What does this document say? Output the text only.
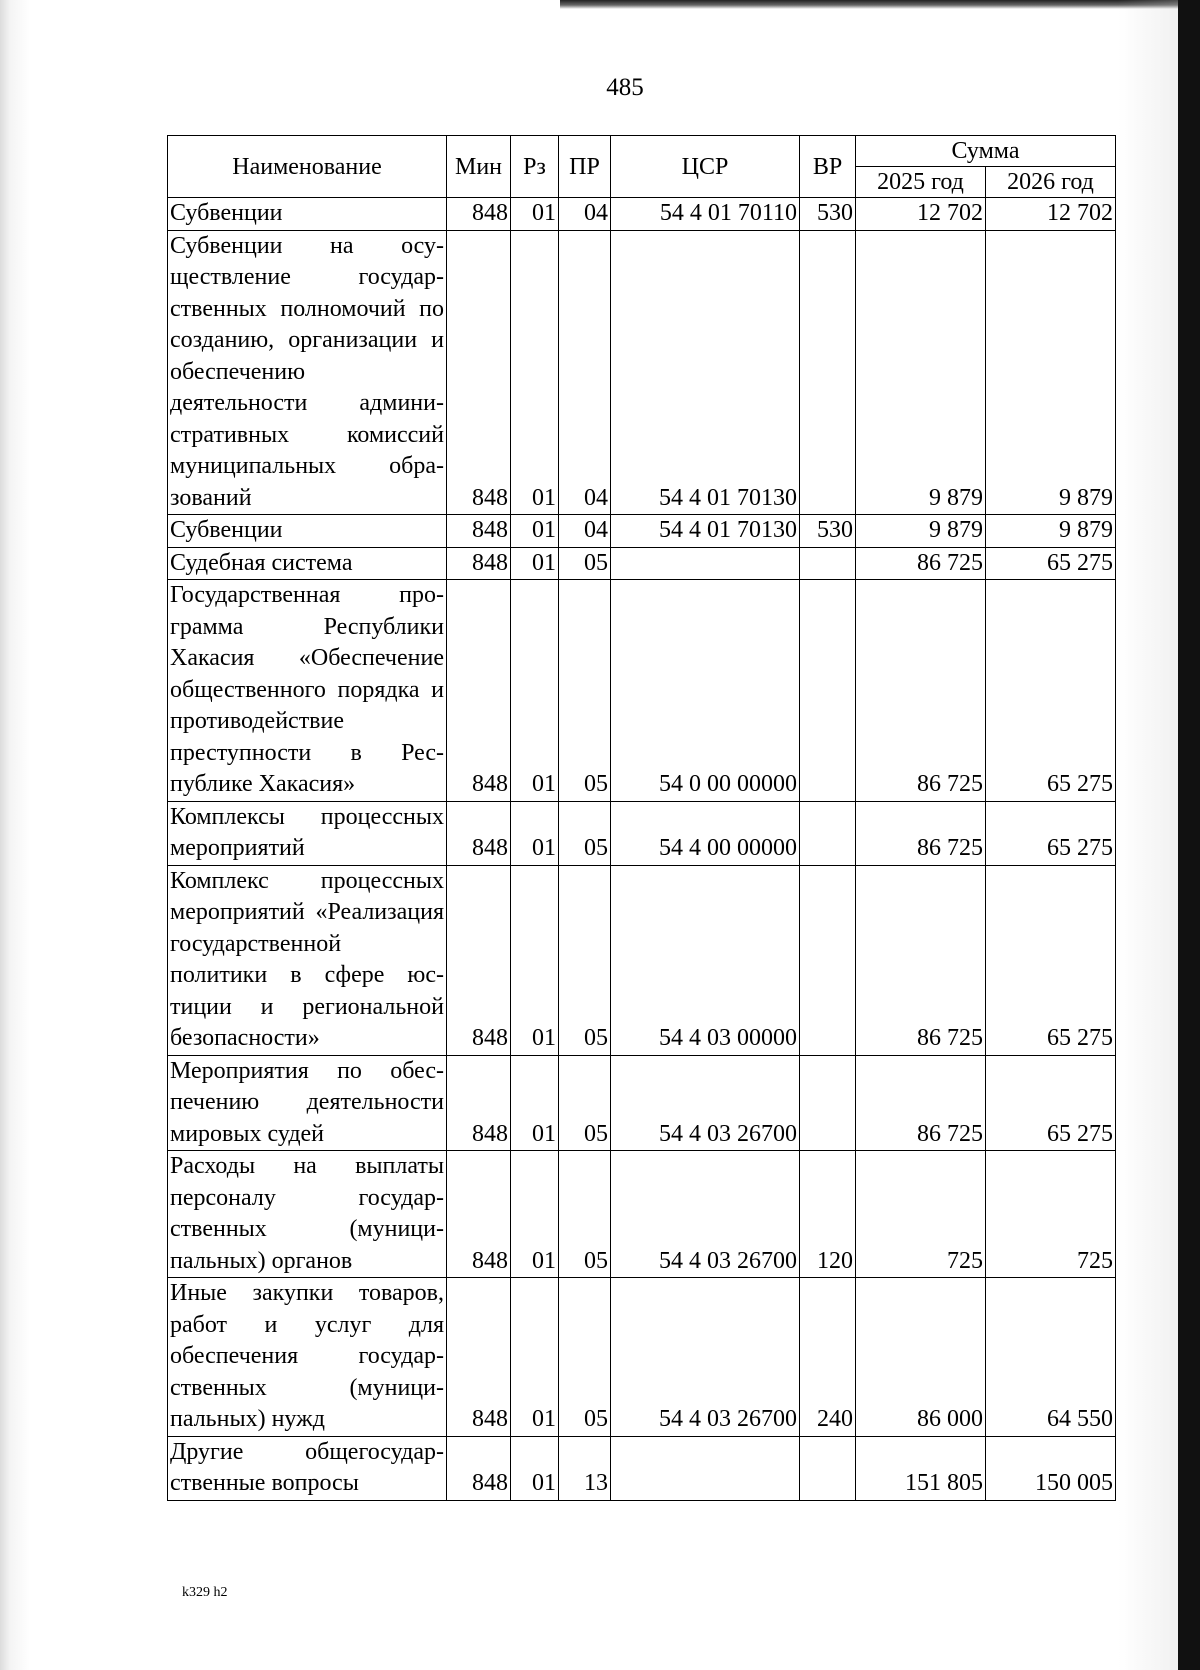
485
Наименование	Мин	Рз	ПР	ЦСР	ВР	Сумма	
						2025 год	2026 год
Субвенции	848	01	04	54 4 01 70110	530	12 702	12 702
Субвенции на осуществление государственных полномочий по созданию, организации и обеспечению деятельности административных комиссий муниципальных образований	848	01	04	54 4 01 70130		9 879	9 879
Субвенции	848	01	04	54 4 01 70130	530	9 879	9 879
Судебная система	848	01	05			86 725	65 275
Государственная программа Республики Хакасия «Обеспечение общественного порядка и противодействие преступности в Республике Хакасия»	848	01	05	54 0 00 00000		86 725	65 275
Комплексы процессных мероприятий	848	01	05	54 4 00 00000		86 725	65 275
Комплекс процессных мероприятий «Реализация государственной политики в сфере юстиции и региональной безопасности»	848	01	05	54 4 03 00000		86 725	65 275
Мероприятия по обеспечению деятельности мировых судей	848	01	05	54 4 03 26700		86 725	65 275
Расходы на выплаты персоналу государственных (муниципальных) органов	848	01	05	54 4 03 26700	120	725	725
Иные закупки товаров, работ и услуг для обеспечения государственных (муниципальных) нужд	848	01	05	54 4 03 26700	240	86 000	64 550
Другие общегосударственные вопросы	848	01	13			151 805	150 005
k329 h2
